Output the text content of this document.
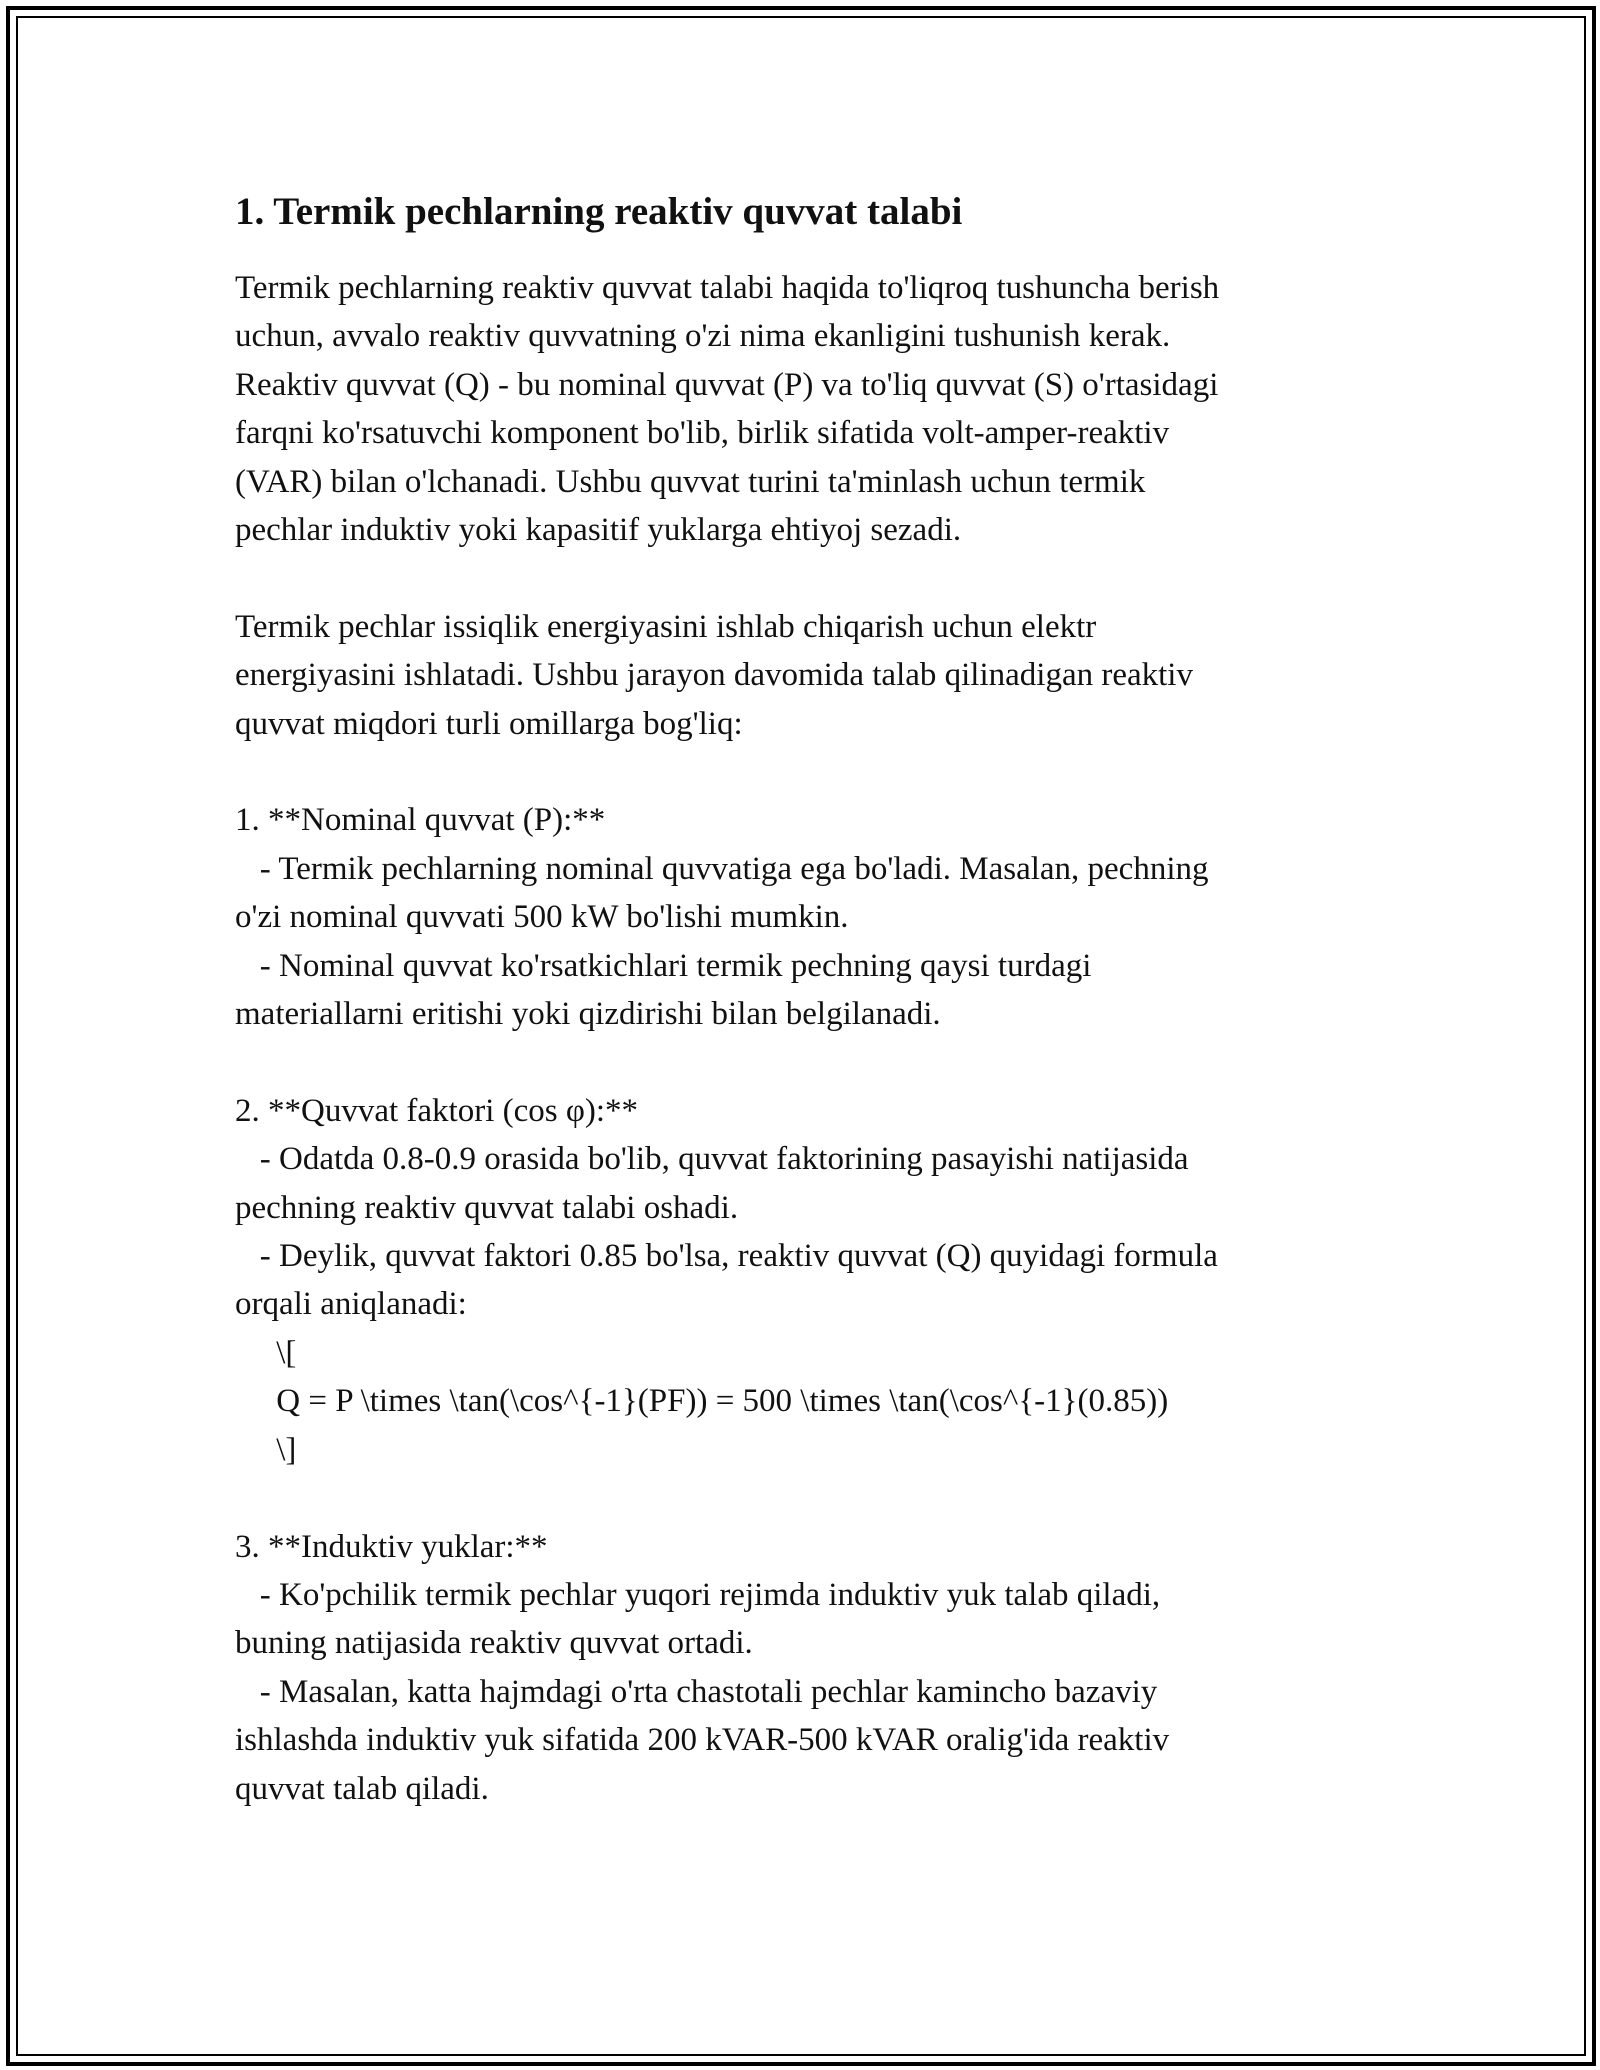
1. Termik pechlarning reaktiv quvvat talabi

Termik pechlarning reaktiv quvvat talabi haqida to'liqroq tushuncha berish

uchun, avvalo reaktiv quvvatning o'zi nima ekanligini tushunish kerak.

Reaktiv quvvat (Q) - bu nominal quvvat (P) va to'liq quvvat (S) o'rtasidagi

farqni ko'rsatuvchi komponent bo'lib, birlik sifatida volt-amper-reaktiv

(VAR) bilan o'lchanadi. Ushbu quvvat turini ta'minlash uchun termik

pechlar induktiv yoki kapasitif yuklarga ehtiyoj sezadi.

Termik pechlar issiqlik energiyasini ishlab chiqarish uchun elektr

energiyasini ishlatadi. Ushbu jarayon davomida talab qilinadigan reaktiv

quvvat miqdori turli omillarga bog'liq:

1. **Nominal quvvat (P):**

- Termik pechlarning nominal quvvatiga ega bo'ladi. Masalan, pechning

o'zi nominal quvvati 500 kW bo'lishi mumkin.

- Nominal quvvat ko'rsatkichlari termik pechning qaysi turdagi

materiallarni eritishi yoki qizdirishi bilan belgilanadi.

2. **Quvvat faktori (cos φ):**

- Odatda 0.8-0.9 orasida bo'lib, quvvat faktorining pasayishi natijasida

pechning reaktiv quvvat talabi oshadi.

- Deylik, quvvat faktori 0.85 bo'lsa, reaktiv quvvat (Q) quyidagi formula

orqali aniqlanadi:

\[

Q = P \times \tan(\cos^{-1}(PF)) = 500 \times \tan(\cos^{-1}(0.85))

\]

3. **Induktiv yuklar:**

- Ko'pchilik termik pechlar yuqori rejimda induktiv yuk talab qiladi,

buning natijasida reaktiv quvvat ortadi.

- Masalan, katta hajmdagi o'rta chastotali pechlar kamincho bazaviy

ishlashda induktiv yuk sifatida 200 kVAR-500 kVAR oralig'ida reaktiv

quvvat talab qiladi.
